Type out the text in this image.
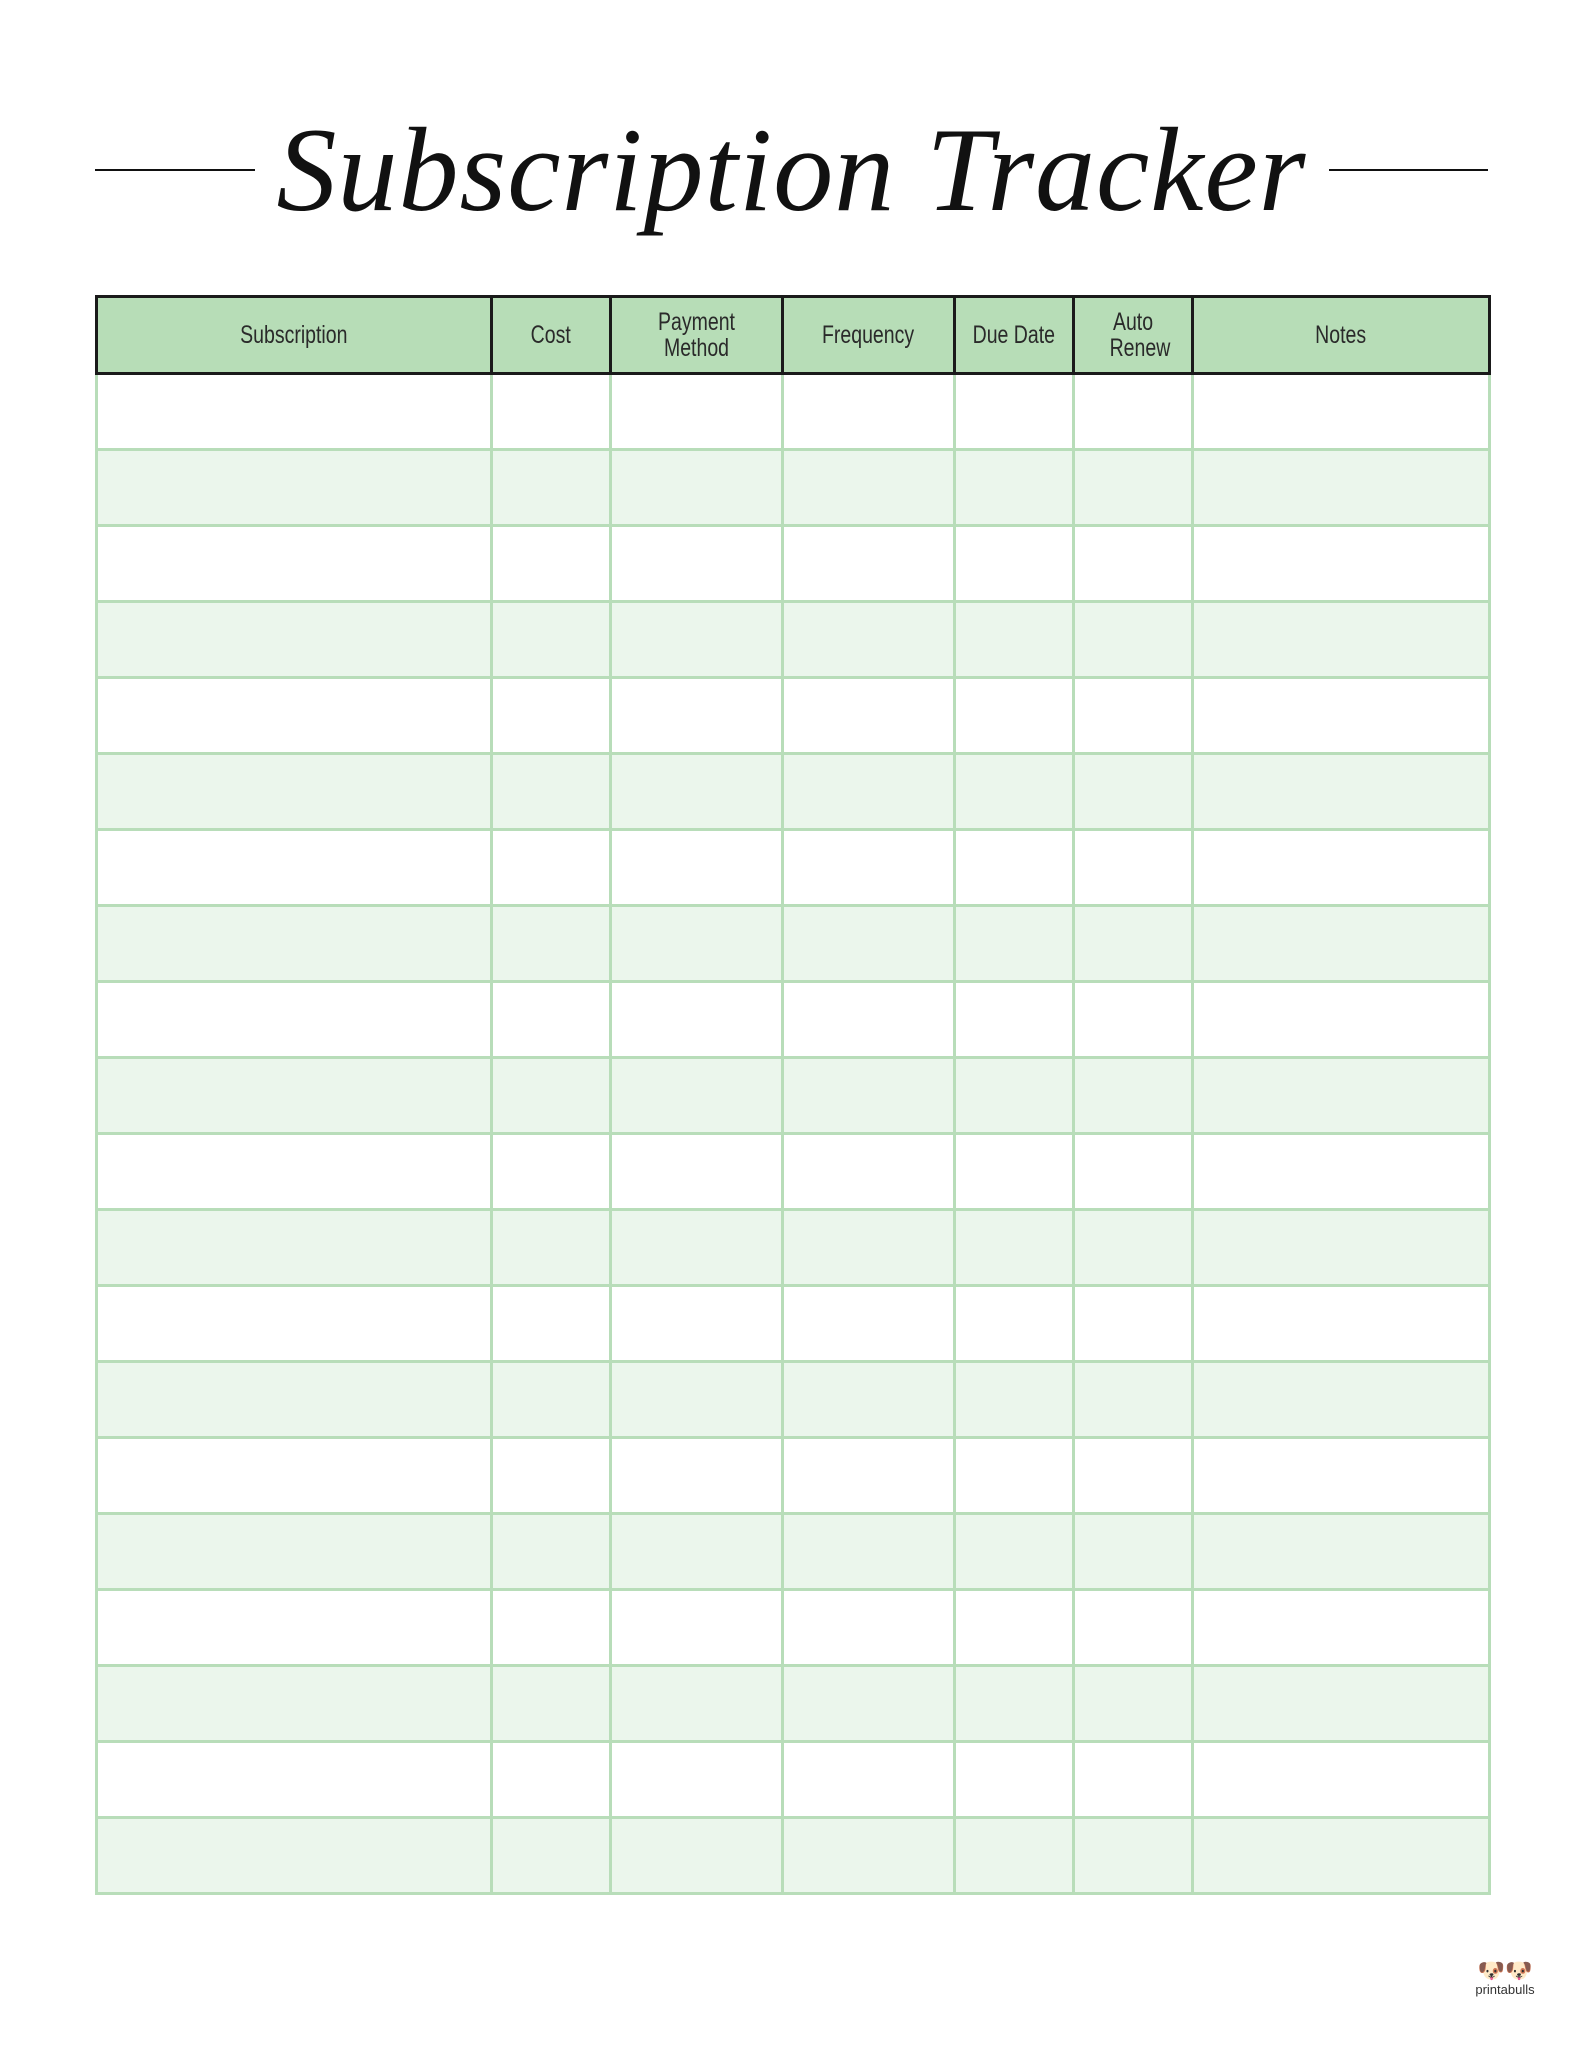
Subscription Tracker
Subscription	Cost	Payment Method	Frequency	Due Date	Auto Renew	Notes

🐶🐶
printabulls
